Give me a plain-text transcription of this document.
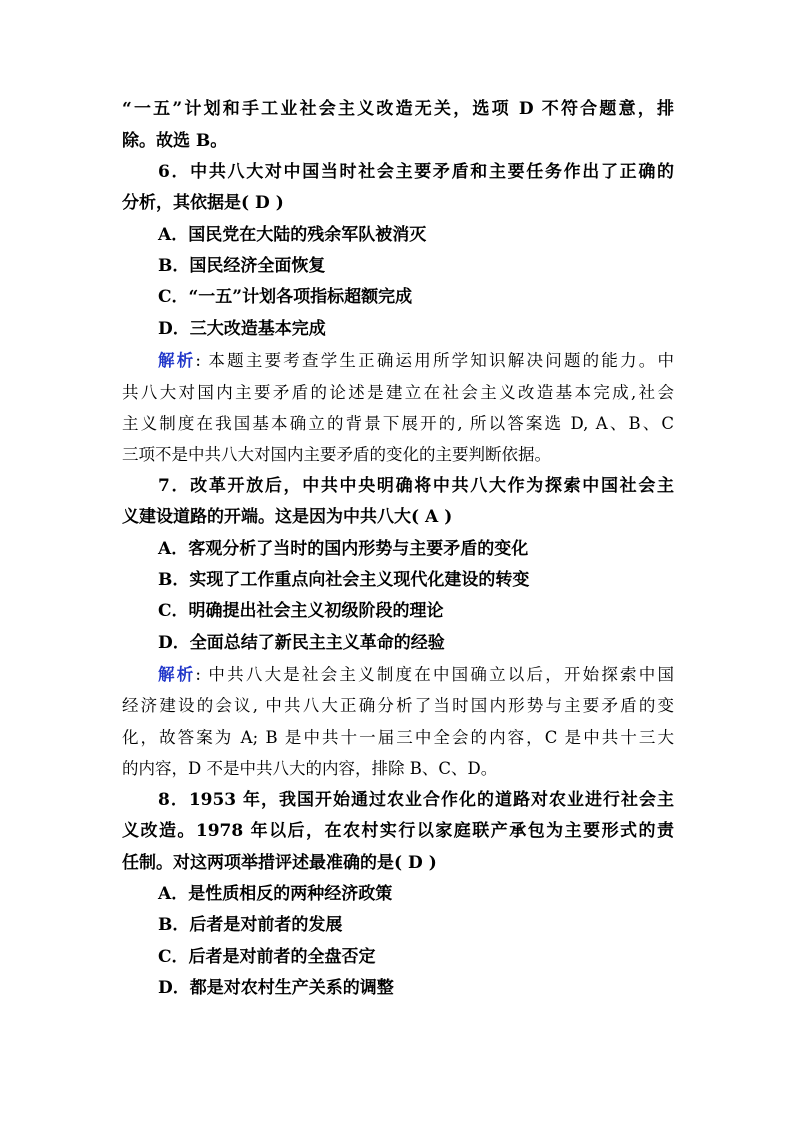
“一五”计划和手工业社会主义改造无关，选项 D 不符合题意，排
除。故选 B。
6．中共八大对中国当时社会主要矛盾和主要任务作出了正确的
分析，其依据是( D )
A．国民党在大陆的残余军队被消灭
B．国民经济全面恢复
C．“一五”计划各项指标超额完成
D．三大改造基本完成
解析: 本题主要考查学生正确运用所学知识解决问题的能力。中
共八大对国内主要矛盾的论述是建立在社会主义改造基本完成,社会
主义制度在我国基本确立的背景下展开的, 所以答案选 D, A、B、C
三项不是中共八大对国内主要矛盾的变化的主要判断依据。
7．改革开放后，中共中央明确将中共八大作为探索中国社会主
义建设道路的开端。这是因为中共八大( A )
A．客观分析了当时的国内形势与主要矛盾的变化
B．实现了工作重点向社会主义现代化建设的转变
C．明确提出社会主义初级阶段的理论
D．全面总结了新民主主义革命的经验
解析: 中共八大是社会主义制度在中国确立以后，开始探索中国
经济建设的会议, 中共八大正确分析了当时国内形势与主要矛盾的变
化，故答案为 A; B 是中共十一届三中全会的内容，C 是中共十三大
的内容，D 不是中共八大的内容，排除 B、C、D。
8．1953 年，我国开始通过农业合作化的道路对农业进行社会主
义改造。1978 年以后，在农村实行以家庭联产承包为主要形式的责
任制。对这两项举措评述最准确的是( D )
A．是性质相反的两种经济政策
B．后者是对前者的发展
C．后者是对前者的全盘否定
D．都是对农村生产关系的调整
